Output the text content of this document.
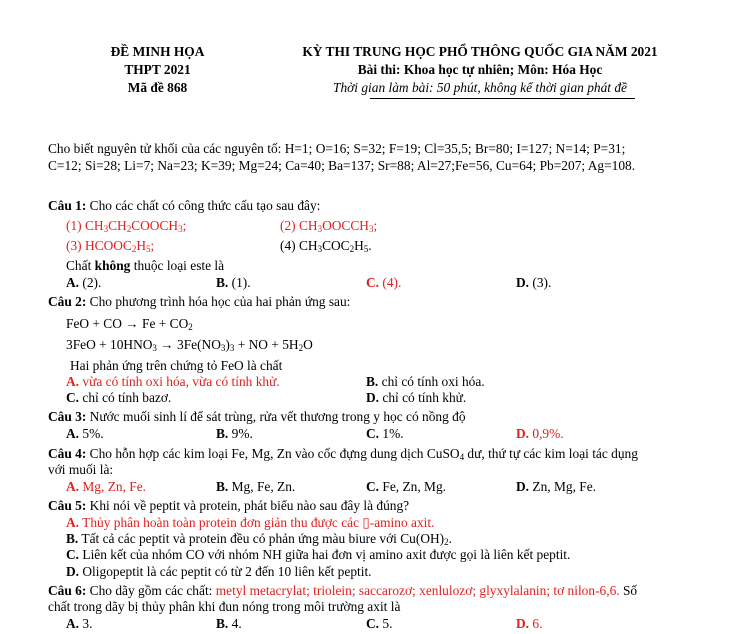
ĐỀ MINH HỌA
THPT 2021
Mã đề 868
KỲ THI TRUNG HỌC PHỔ THÔNG QUỐC GIA NĂM 2021
Bài thi: Khoa học tự nhiên; Môn: Hóa Học
Thời gian làm bài: 50 phút, không kể thời gian phát đề
Cho biết nguyên tử khối của các nguyên tố: H=1; O=16; S=32; F=19; Cl=35,5; Br=80; I=127; N=14; P=31;
C=12; Si=28; Li=7; Na=23; K=39; Mg=24; Ca=40; Ba=137; Sr=88; Al=27;Fe=56, Cu=64; Pb=207; Ag=108.
Câu 1: Cho các chất có công thức cấu tạo sau đây:
(1) $CH_3CH_2COOCH_3$;	(2) $CH_3OOCCH_3$;
(3) $HCOOC_2H_5$;	(4) $CH_3COC_2H_5$.
Chất không thuộc loại este là
A. (2).	B. (1).	C. (4).	D. (3).
Câu 2: Cho phương trình hóa học của hai phản ứng sau:
FeO + CO → $Fe + CO_2$
$3FeO + 10HNO_3 \to 3Fe(NO_3)_3$ + NO + $5H_2O$
Hai phản ứng trên chứng tỏ FeO là chất
A. vừa có tính oxi hóa, vừa có tính khử.	B. chỉ có tính oxi hóa.
C. chỉ có tính bazơ.	D. chỉ có tính khử.
Câu 3: Nước muối sinh lí để sát trùng, rửa vết thương trong y học có nồng độ
A. 5%.	B. 9%.	C. 1%.	D. 0,9%.
Câu 4: Cho hỗn hợp các kim loại Fe, Mg, Zn vào cốc đựng dung dịch CuSO$_4$ dư, thứ tự các kim loại tác dụng
với muối là:
A. Mg, Zn, Fe.	B. Mg, Fe, Zn.	C. Fe, Zn, Mg.	D. Zn, Mg, Fe.
Câu 5: Khi nói về peptit và protein, phát biểu nào sau đây là đúng?
A. Thủy phân hoàn toàn protein đơn giản thu được các ▯-amino axit.
B. Tất cả các peptit và protein đều có phản ứng màu biure với $Cu(OH)_2$.
C. Liên kết của nhóm CO với nhóm NH giữa hai đơn vị amino axit được gọi là liên kết peptit.
D. Oligopeptit là các peptit có từ 2 đến 10 liên kết peptit.
Câu 6: Cho dãy gồm các chất: metyl metacrylat; triolein; saccarozơ; xenlulozơ; glyxylalanin; tơ nilon-6,6. Số
chất trong dãy bị thủy phân khi đun nóng trong môi trường axit là
A. 3.	B. 4.	C. 5.	D. 6.
